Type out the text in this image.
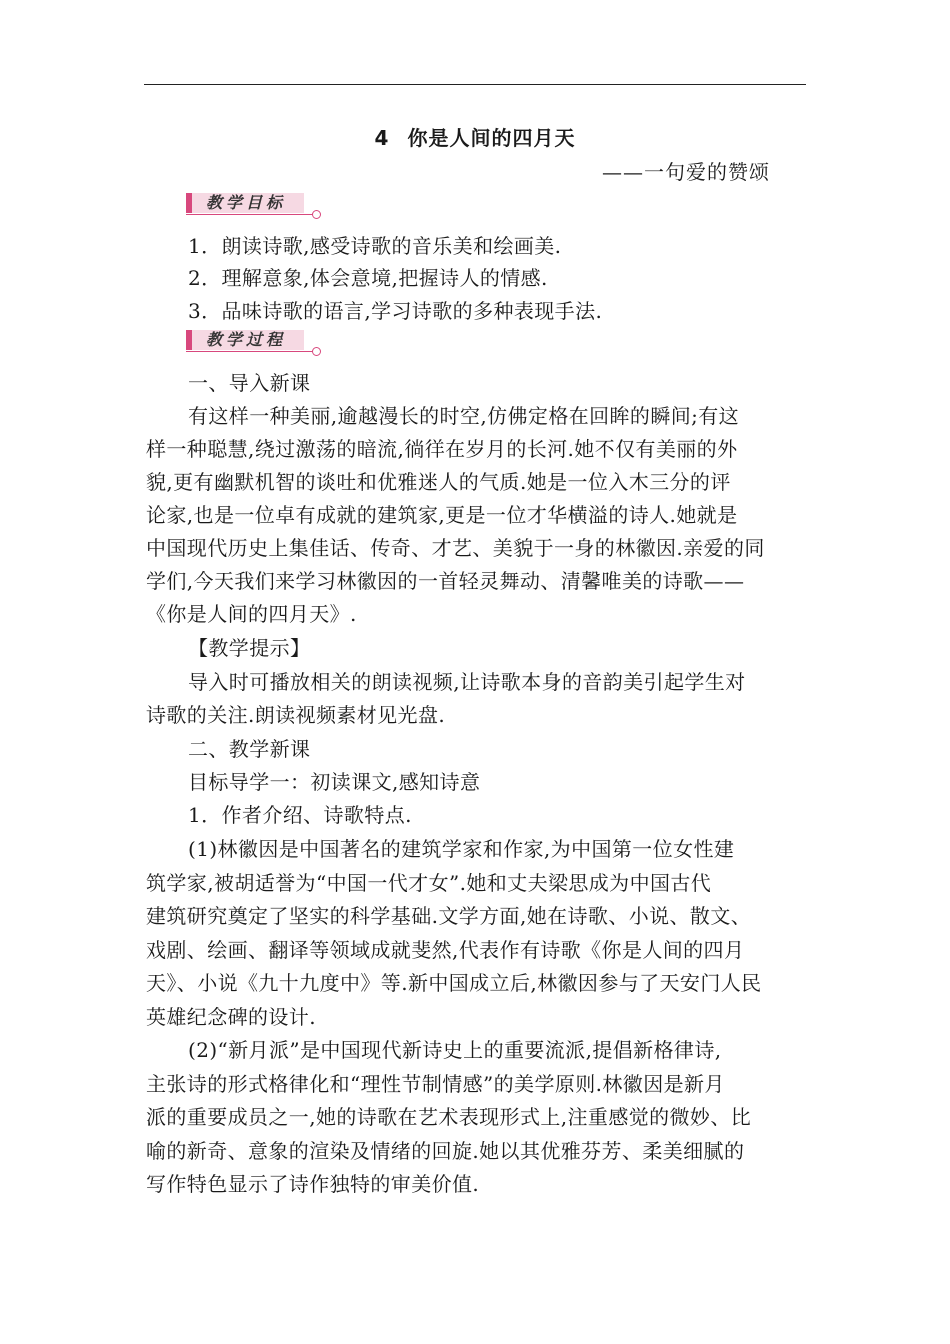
4 你是人间的四月天
——一句爱的赞颂
教学目标
1．朗读诗歌,感受诗歌的音乐美和绘画美.
2．理解意象,体会意境,把握诗人的情感.
3．品味诗歌的语言,学习诗歌的多种表现手法.
教学过程
一、导入新课
有这样一种美丽,逾越漫长的时空,仿佛定格在回眸的瞬间;有这
样一种聪慧,绕过激荡的暗流,徜徉在岁月的长河.她不仅有美丽的外
貌,更有幽默机智的谈吐和优雅迷人的气质.她是一位入木三分的评
论家,也是一位卓有成就的建筑家,更是一位才华横溢的诗人.她就是
中国现代历史上集佳话、传奇、才艺、美貌于一身的林徽因.亲爱的同
学们,今天我们来学习林徽因的一首轻灵舞动、清馨唯美的诗歌——
《你是人间的四月天》.
【教学提示】
导入时可播放相关的朗读视频,让诗歌本身的音韵美引起学生对
诗歌的关注.朗读视频素材见光盘.
二、教学新课
目标导学一：初读课文,感知诗意
1．作者介绍、诗歌特点.
(1)林徽因是中国著名的建筑学家和作家,为中国第一位女性建
筑学家,被胡适誉为“中国一代才女”.她和丈夫梁思成为中国古代
建筑研究奠定了坚实的科学基础.文学方面,她在诗歌、小说、散文、
戏剧、绘画、翻译等领域成就斐然,代表作有诗歌《你是人间的四月
天》、小说《九十九度中》等.新中国成立后,林徽因参与了天安门人民
英雄纪念碑的设计.
(2)“新月派”是中国现代新诗史上的重要流派,提倡新格律诗,
主张诗的形式格律化和“理性节制情感”的美学原则.林徽因是新月
派的重要成员之一,她的诗歌在艺术表现形式上,注重感觉的微妙、比
喻的新奇、意象的渲染及情绪的回旋.她以其优雅芬芳、柔美细腻的
写作特色显示了诗作独特的审美价值.
